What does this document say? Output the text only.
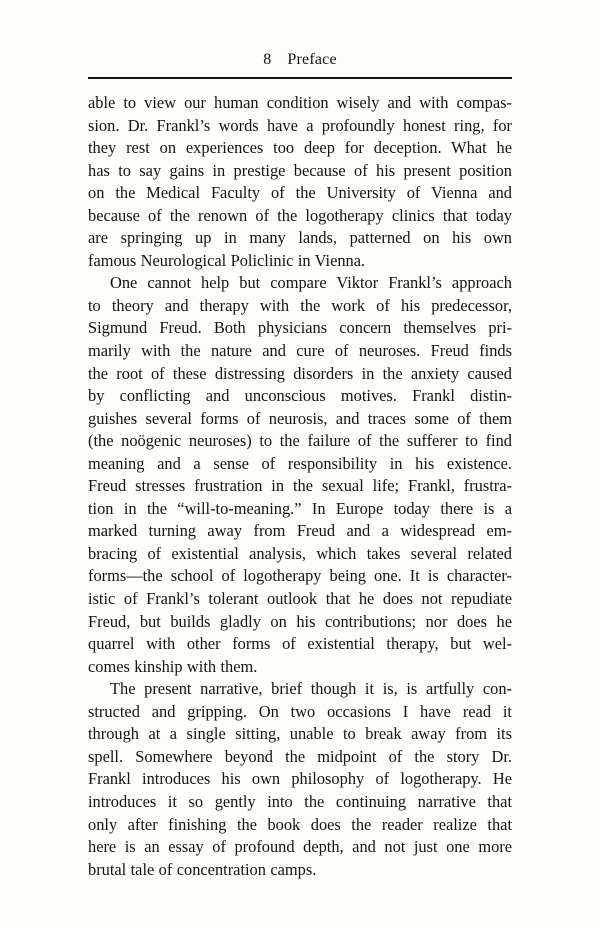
8 Preface
able to view our human condition wisely and with compas-
sion. Dr. Frankl’s words have a profoundly honest ring, for
they rest on experiences too deep for deception. What he
has to say gains in prestige because of his present position
on the Medical Faculty of the University of Vienna and
because of the renown of the logotherapy clinics that today
are springing up in many lands, patterned on his own
famous Neurological Policlinic in Vienna.
One cannot help but compare Viktor Frankl’s approach
to theory and therapy with the work of his predecessor,
Sigmund Freud. Both physicians concern themselves pri-
marily with the nature and cure of neuroses. Freud finds
the root of these distressing disorders in the anxiety caused
by conflicting and unconscious motives. Frankl distin-
guishes several forms of neurosis, and traces some of them
(the noögenic neuroses) to the failure of the sufferer to find
meaning and a sense of responsibility in his existence.
Freud stresses frustration in the sexual life; Frankl, frustra-
tion in the “will-to-meaning.” In Europe today there is a
marked turning away from Freud and a widespread em-
bracing of existential analysis, which takes several related
forms—the school of logotherapy being one. It is character-
istic of Frankl’s tolerant outlook that he does not repudiate
Freud, but builds gladly on his contributions; nor does he
quarrel with other forms of existential therapy, but wel-
comes kinship with them.
The present narrative, brief though it is, is artfully con-
structed and gripping. On two occasions I have read it
through at a single sitting, unable to break away from its
spell. Somewhere beyond the midpoint of the story Dr.
Frankl introduces his own philosophy of logotherapy. He
introduces it so gently into the continuing narrative that
only after finishing the book does the reader realize that
here is an essay of profound depth, and not just one more
brutal tale of concentration camps.
